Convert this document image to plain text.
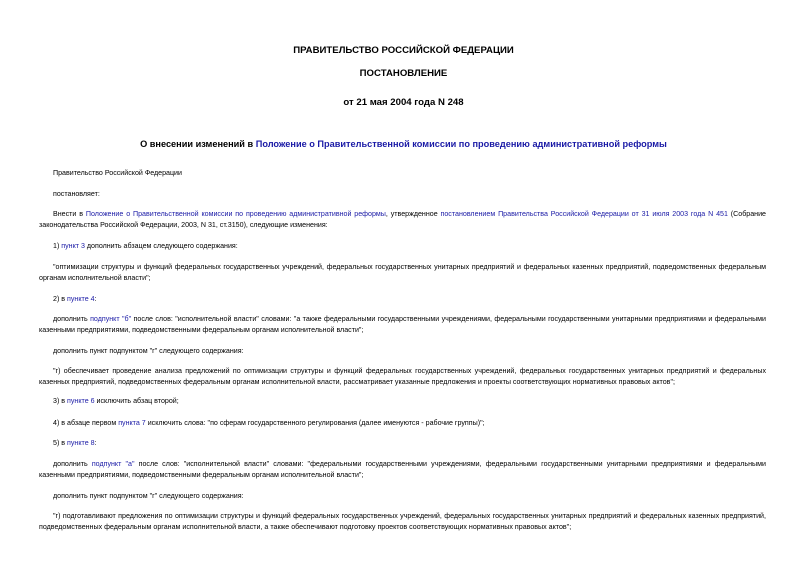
ПРАВИТЕЛЬСТВО РОССИЙСКОЙ ФЕДЕРАЦИИ
ПОСТАНОВЛЕНИЕ
от 21 мая 2004 года N 248
О внесении изменений в Положение о Правительственной комиссии по проведению административной реформы
Правительство Российской Федерации
постановляет:
Внести в Положение о Правительственной комиссии по проведению административной реформы, утвержденное постановлением Правительства Российской Федерации от 31 июля 2003 года N 451 (Собрание законодательства Российской Федерации, 2003, N 31, ст.3150), следующие изменения:
1) пункт 3 дополнить абзацем следующего содержания:
"оптимизации структуры и функций федеральных государственных учреждений, федеральных государственных унитарных предприятий и федеральных казенных предприятий, подведомственных федеральным органам исполнительной власти";
2) в пункте 4:
дополнить подпункт "б" после слов: "исполнительной власти" словами: "а также федеральными государственными учреждениями, федеральными государственными унитарными предприятиями и федеральными казенными предприятиями, подведомственными федеральным органам исполнительной власти";
дополнить пункт подпунктом "г" следующего содержания:
"г) обеспечивает проведение анализа предложений по оптимизации структуры и функций федеральных государственных учреждений, федеральных государственных унитарных предприятий и федеральных казенных предприятий, подведомственных федеральным органам исполнительной власти, рассматривает указанные предложения и проекты соответствующих нормативных правовых актов";
3) в пункте 6 исключить абзац второй;
4) в абзаце первом пункта 7 исключить слова: "по сферам государственного регулирования (далее именуются - рабочие группы)";
5) в пункте 8:
дополнить подпункт "а" после слов: "исполнительной власти" словами: "федеральными государственными учреждениями, федеральными государственными унитарными предприятиями и федеральными казенными предприятиями, подведомственными федеральным органам исполнительной власти";
дополнить пункт подпунктом "г" следующего содержания:
"г) подготавливают предложения по оптимизации структуры и функций федеральных государственных учреждений, федеральных государственных унитарных предприятий и федеральных казенных предприятий, подведомственных федеральным органам исполнительной власти, а также обеспечивают подготовку проектов соответствующих нормативных правовых актов";
